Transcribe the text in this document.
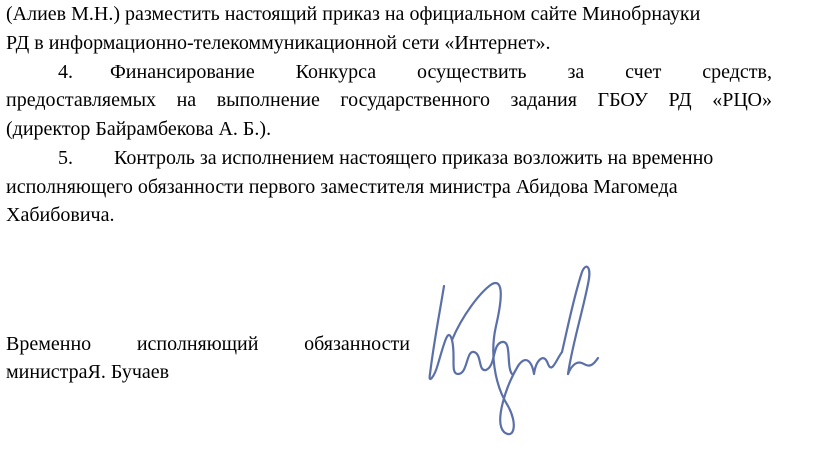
(Алиев М.Н.) разместить настоящий приказ на официальном сайте Минобрнауки
РД в информационно-телекоммуникационной сети «Интернет».
4. Финансирование Конкурса осуществить за счет средств,
предоставляемых на выполнение государственного задания ГБОУ РД «РЦО»
(директор Байрамбекова А. Б.).
5. Контроль за исполнением настоящего приказа возложить на временно
исполняющего обязанности первого заместителя министра Абидова Магомеда
Хабибовича.
Временно исполняющий обязанности
министраЯ. Бучаев
